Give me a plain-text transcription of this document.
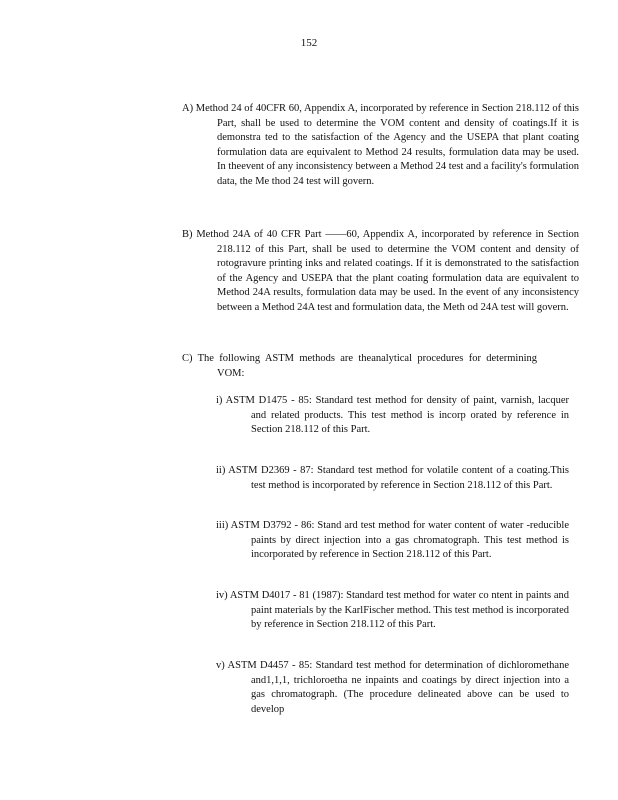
152

A) Method 24 of 40CFR 60, Appendix A, incorporated by reference in Section 218.112 of this Part, shall be used to determine the VOM content and density of coatings.If it is demonstra ted to the satisfaction of the Agency and the USEPA that plant coating formulation data are equivalent to Method 24 results, formulation data may be used. In theevent of any inconsistency between a Method 24 test and a facility's formulation data, the Me thod 24 test will govern.

B) Method 24A of 40 CFR Part ——60, Appendix A, incorporated by reference in Section 218.112 of this Part, shall be used to determine the VOM content and density of rotogravure printing inks and related coatings. If it is demonstrated to the satisfaction of the Agency and USEPA that the plant coating formulation data are equivalent to Method 24A results, formulation data may be used. In the event of any inconsistency between a Method 24A test and formulation data, the Meth od 24A test will govern.

C) The following ASTM methods are theanalytical procedures for determining VOM:

i) ASTM D1475 - 85: Standard test method for density of paint, varnish, lacquer and related products. This test method is incorp orated by reference in Section 218.112 of this Part.

ii) ASTM D2369 - 87: Standard test method for volatile content of a coating.This test method is incorporated by reference in Section 218.112 of this Part.

iii) ASTM D3792 - 86: Stand ard test method for water content of water -reducible paints by direct injection into a gas chromatograph. This test method is incorporated by reference in Section 218.112 of this Part.

iv) ASTM D4017 - 81 (1987): Standard test method for water co ntent in paints and paint materials by the KarlFischer method. This test method is incorporated by reference in Section 218.112 of this Part.

v) ASTM D4457 - 85: Standard test method for determination of dichloromethane and1,1,1, trichloroetha ne inpaints and coatings by direct injection into a gas chromatograph. (The procedure delineated above can be used to develop
